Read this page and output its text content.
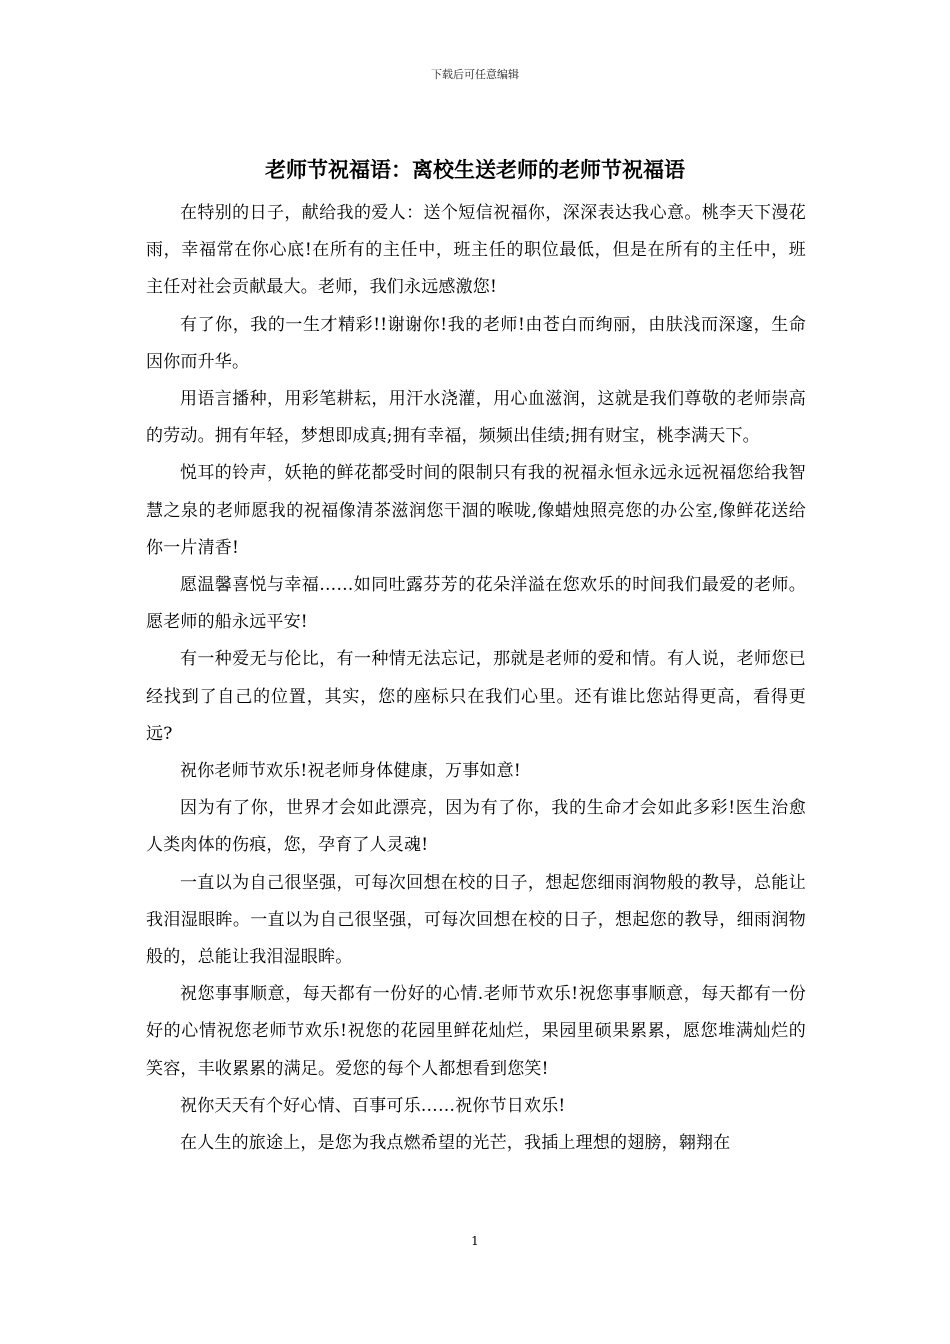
下载后可任意编辑
老师节祝福语：离校生送老师的老师节祝福语

在特别的日子，献给我的爱人：送个短信祝福你，深深表达我心意。桃李天下漫花雨，幸福常在你心底!在所有的主任中，班主任的职位最低，但是在所有的主任中，班主任对社会贡献最大。老师，我们永远感激您!

有了你，我的一生才精彩!!谢谢你!我的老师!由苍白而绚丽，由肤浅而深邃，生命因你而升华。

用语言播种，用彩笔耕耘，用汗水浇灌，用心血滋润，这就是我们尊敬的老师崇高的劳动。拥有年轻，梦想即成真;拥有幸福，频频出佳绩;拥有财宝，桃李满天下。

悦耳的铃声，妖艳的鲜花都受时间的限制只有我的祝福永恒永远永远祝福您给我智慧之泉的老师愿我的祝福像清茶滋润您干涸的喉咙,像蜡烛照亮您的办公室,像鲜花送给你一片清香!

愿温馨喜悦与幸福……如同吐露芬芳的花朵洋溢在您欢乐的时间我们最爱的老师。愿老师的船永远平安!

有一种爱无与伦比，有一种情无法忘记，那就是老师的爱和情。有人说，老师您已经找到了自己的位置，其实，您的座标只在我们心里。还有谁比您站得更高，看得更远?

祝你老师节欢乐!祝老师身体健康，万事如意!

因为有了你，世界才会如此漂亮，因为有了你，我的生命才会如此多彩!医生治愈人类肉体的伤痕，您，孕育了人灵魂!

一直以为自己很坚强，可每次回想在校的日子，想起您细雨润物般的教导，总能让我泪湿眼眸。一直以为自己很坚强，可每次回想在校的日子，想起您的教导，细雨润物般的，总能让我泪湿眼眸。

祝您事事顺意，每天都有一份好的心情.老师节欢乐!祝您事事顺意，每天都有一份好的心情祝您老师节欢乐!祝您的花园里鲜花灿烂，果园里硕果累累，愿您堆满灿烂的笑容，丰收累累的满足。爱您的每个人都想看到您笑!

祝你天天有个好心情、百事可乐……祝你节日欢乐!

在人生的旅途上，是您为我点燃希望的光芒，我插上理想的翅膀，翱翔在

1
